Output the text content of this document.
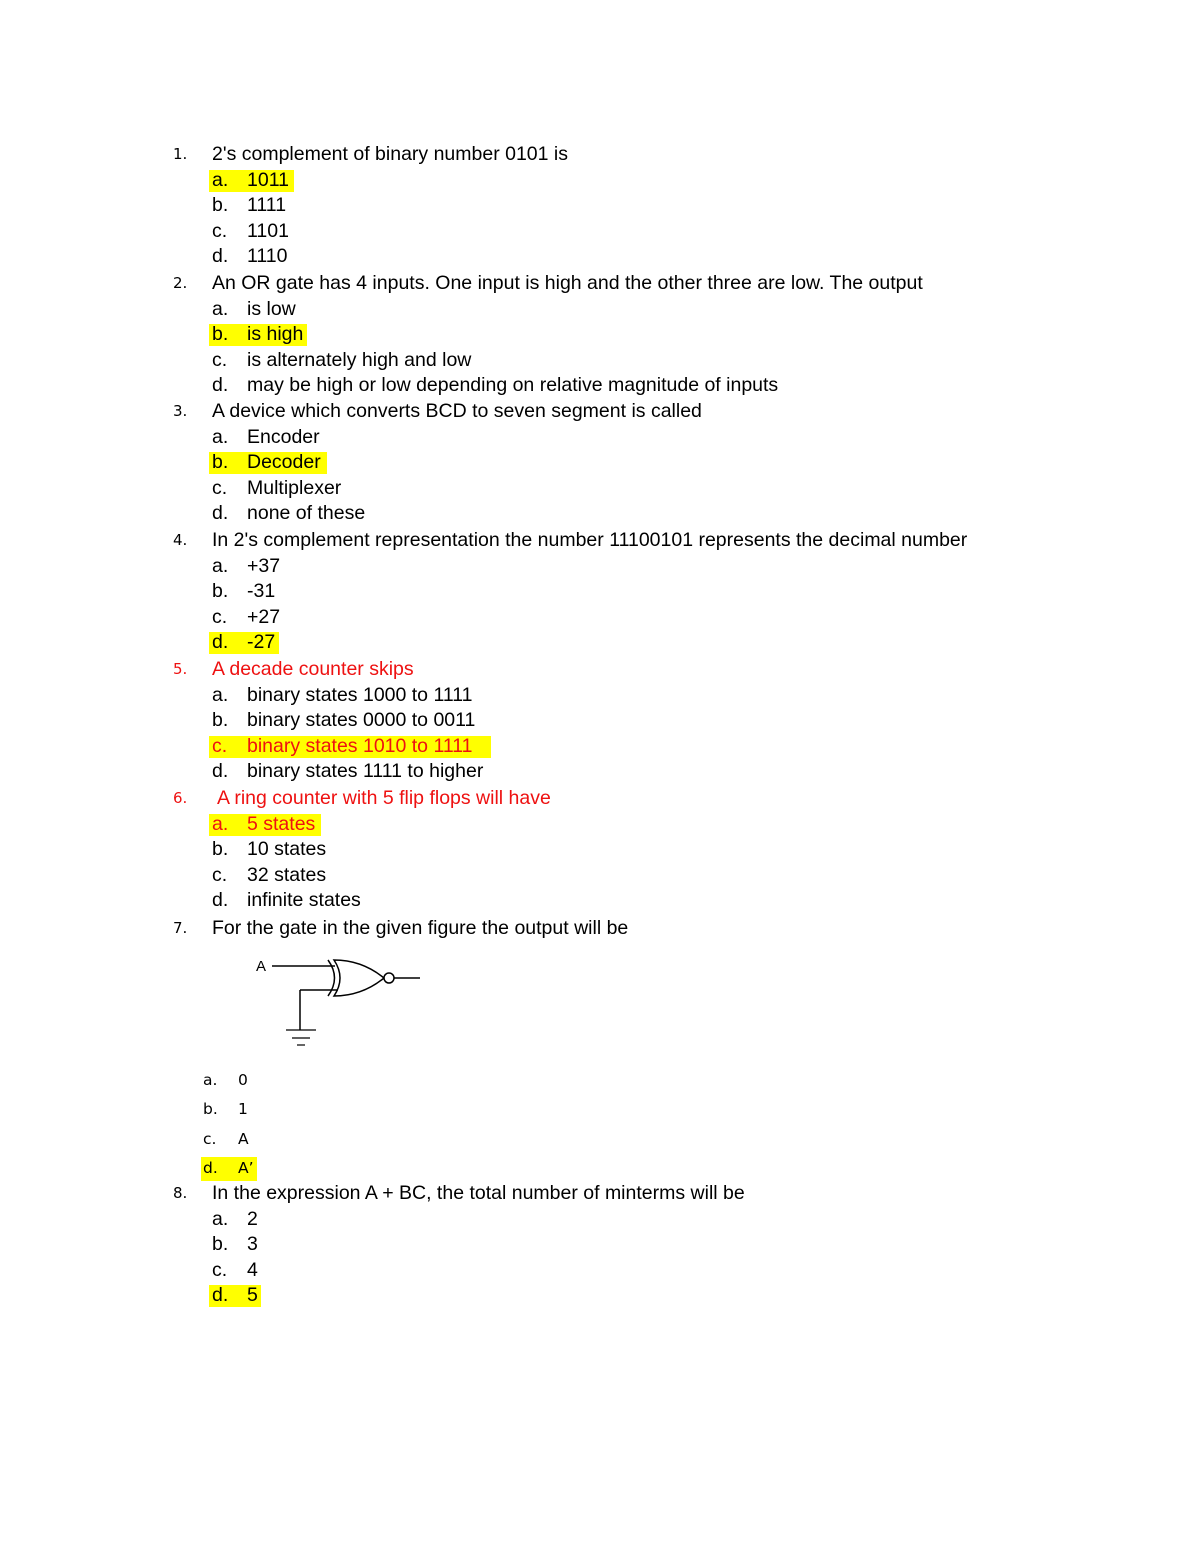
1. 2's complement of binary number 0101 is
a. 1011
b. 1111
c. 1101
d. 1110
2. An OR gate has 4 inputs. One input is high and the other three are low. The output
a. is low
b. is high
c. is alternately high and low
d. may be high or low depending on relative magnitude of inputs
3. A device which converts BCD to seven segment is called
a. Encoder
b. Decoder
c. Multiplexer
d. none of these
4. In 2's complement representation the number 11100101 represents the decimal number
a. +37
b. -31
c. +27
d. -27
5. A decade counter skips
a. binary states 1000 to 1111
b. binary states 0000 to 0011
c. binary states 1010 to 1111
d. binary states 1111 to higher
6. A ring counter with 5 flip flops will have
a. 5 states
b. 10 states
c. 32 states
d. infinite states
7. For the gate in the given figure the output will be
A
a. 0
b. 1
c. A
d. A’
8. In the expression A + BC, the total number of minterms will be
a. 2
b. 3
c. 4
d. 5
